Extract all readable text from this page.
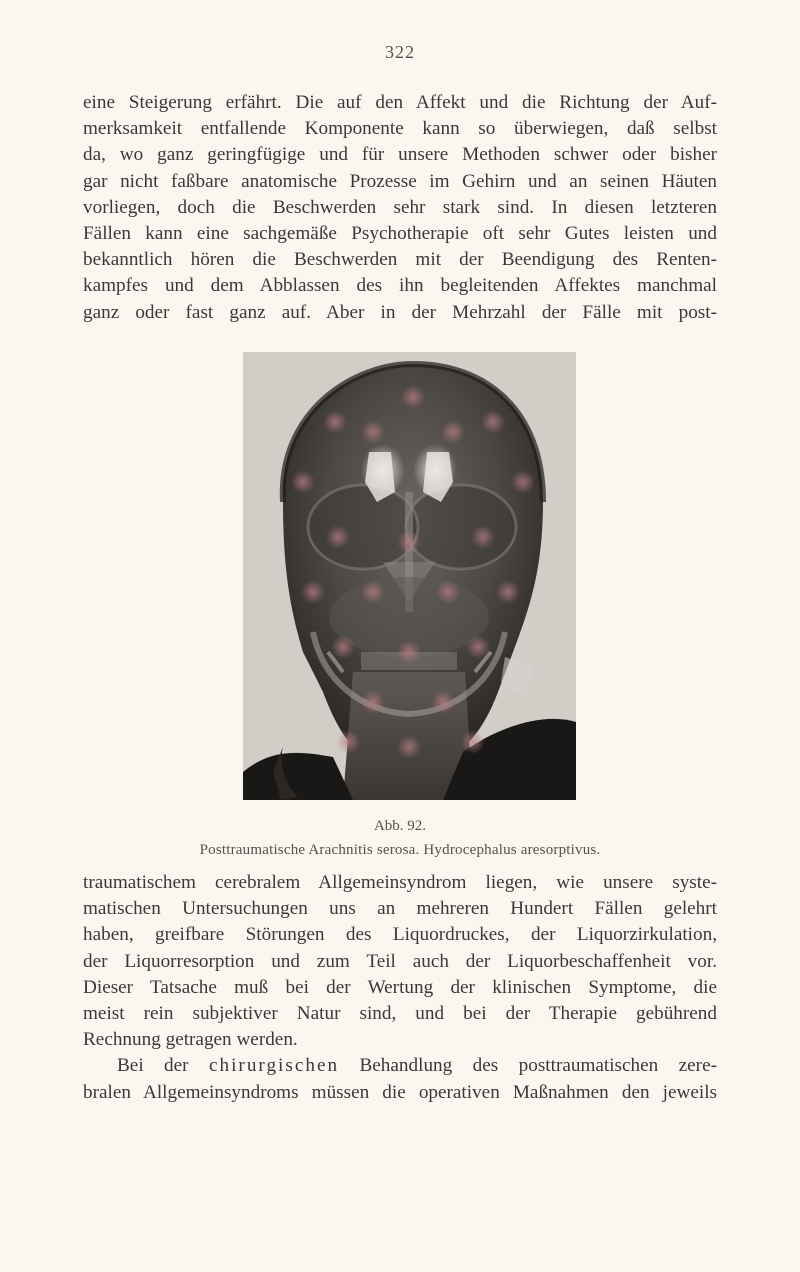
322
eine Steigerung erfährt. Die auf den Affekt und die Richtung der Auf-
merksamkeit entfallende Komponente kann so überwiegen, daß selbst
da, wo ganz geringfügige und für unsere Methoden schwer oder bisher
gar nicht faßbare anatomische Prozesse im Gehirn und an seinen Häuten
vorliegen, doch die Beschwerden sehr stark sind. In diesen letzteren
Fällen kann eine sachgemäße Psychotherapie oft sehr Gutes leisten und
bekanntlich hören die Beschwerden mit der Beendigung des Renten-
kampfes und dem Abblassen des ihn begleitenden Affektes manchmal
ganz oder fast ganz auf. Aber in der Mehrzahl der Fälle mit post-
Abb. 92.
Posttraumatische Arachnitis serosa. Hydrocephalus aresorptivus.
traumatischem cerebralem Allgemeinsyndrom liegen, wie unsere syste-
matischen Untersuchungen uns an mehreren Hundert Fällen gelehrt
haben, greifbare Störungen des Liquordruckes, der Liquorzirkulation,
der Liquorresorption und zum Teil auch der Liquorbeschaffenheit vor.
Dieser Tatsache muß bei der Wertung der klinischen Symptome, die
meist rein subjektiver Natur sind, und bei der Therapie gebührend
Rechnung getragen werden.
Bei der chirurgischen Behandlung des posttraumatischen zere-
bralen Allgemeinsyndroms müssen die operativen Maßnahmen den jeweils
